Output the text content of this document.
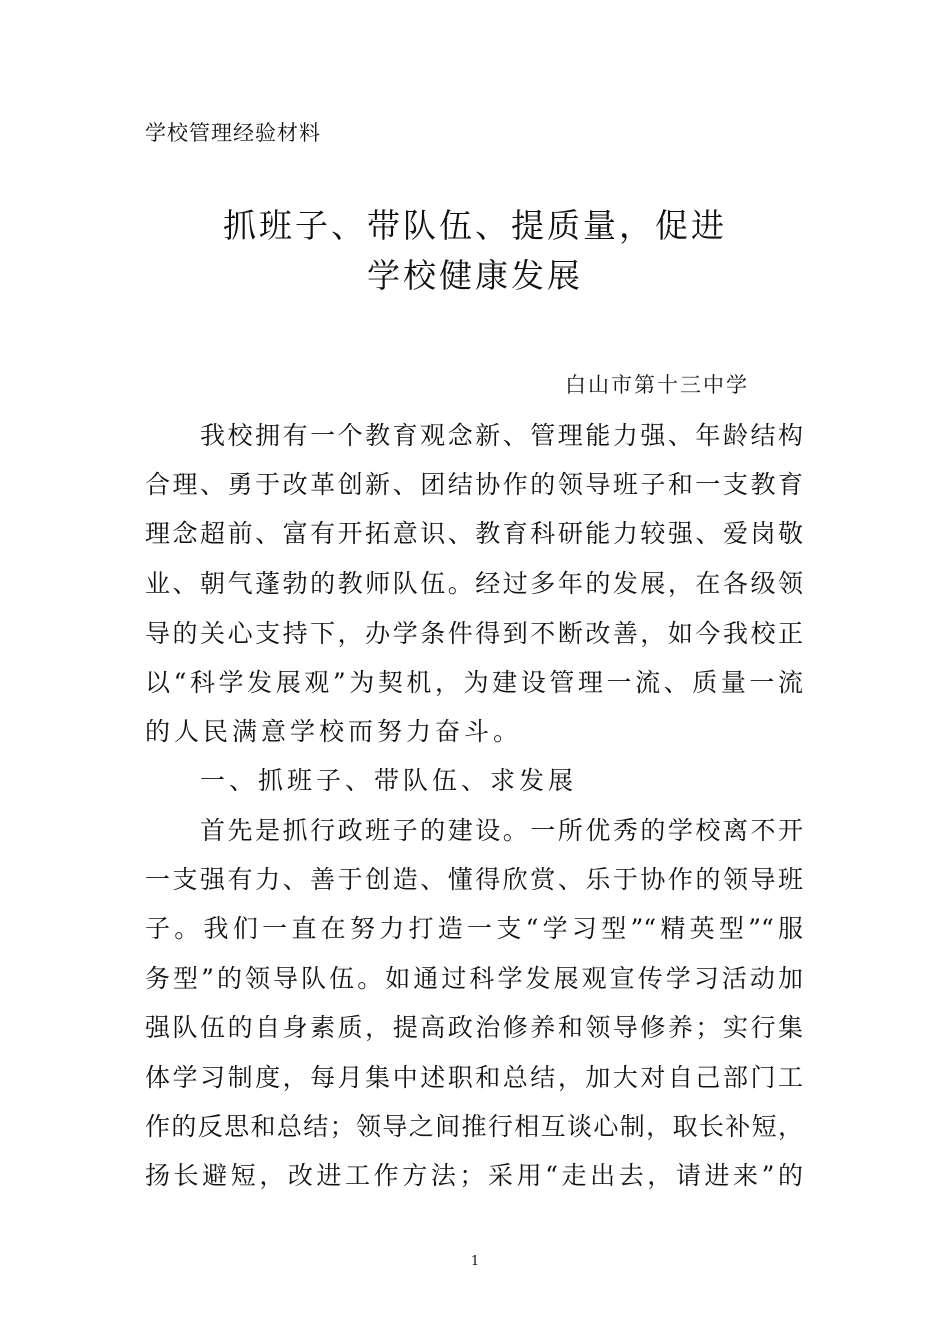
学校管理经验材料
抓班子、带队伍、提质量，促进
学校健康发展
白山市第十三中学
我校拥有一个教育观念新、管理能力强、年龄结构
合理、勇于改革创新、团结协作的领导班子和一支教育
理念超前、富有开拓意识、教育科研能力较强、爱岗敬
业、朝气蓬勃的教师队伍。经过多年的发展，在各级领
导的关心支持下，办学条件得到不断改善，如今我校正
以“科学发展观”为契机，为建设管理一流、质量一流
的人民满意学校而努力奋斗。
一、抓班子、带队伍、求发展
首先是抓行政班子的建设。一所优秀的学校离不开
一支强有力、善于创造、懂得欣赏、乐于协作的领导班
子。我们一直在努力打造一支“学习型”“精英型”“服
务型”的领导队伍。如通过科学发展观宣传学习活动加
强队伍的自身素质，提高政治修养和领导修养；实行集
体学习制度，每月集中述职和总结，加大对自己部门工
作的反思和总结；领导之间推行相互谈心制，取长补短，
扬长避短，改进工作方法；采用“走出去，请进来”的
1
